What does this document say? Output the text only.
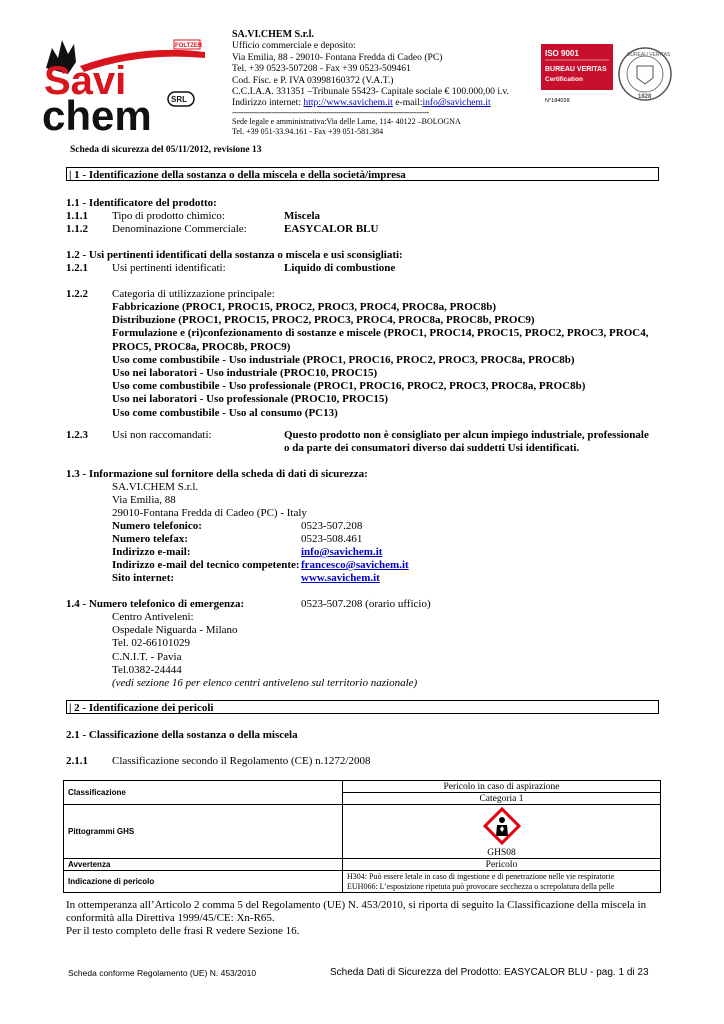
Savi
chem SRL
FOLTZER
SA.VI.CHEM S.r.l.
Ufficio commerciale e deposito:
Via Emilia, 88 - 29010- Fontana Fredda di Cadeo (PC)
Tel. +39 0523-507208 - Fax +39 0523-509461
Cod. Fisc. e P. IVA 03998160372 (V.A.T.)
C.C.I.A.A. 331351 –Tribunale 55423- Capitale sociale € 100.000,00 i.v.
Indirizzo internet: http://www.savichem.it e-mail:info@savichem.it
-------------------------------------------------------------------------------------------
Sede legale e amministrativa:Via delle Lame, 114- 40122 –BOLOGNA
Tel. +39 051-33.94.161 - Fax +39 051-581.384
ISO 9001
BUREAU VERITAS
Certification
N°184028
BUREAU VERITAS
1828
Scheda di sicurezza del 05/11/2012, revisione 13
| 1 - Identificazione della sostanza o della miscela e della società/impresa
1.1 - Identificatore del prodotto:
1.1.1 Tipo di prodotto chimico:	Miscela
1.1.2 Denominazione Commerciale:	EASYCALOR BLU
1.2 - Usi pertinenti identificati della sostanza o miscela e usi sconsigliati:
1.2.1 Usi pertinenti identificati:	Liquido di combustione
1.2.2 Categoria di utilizzazione principale:
Fabbricazione (PROC1, PROC15, PROC2, PROC3, PROC4, PROC8a, PROC8b)
Distribuzione (PROC1, PROC15, PROC2, PROC3, PROC4, PROC8a, PROC8b, PROC9)
Formulazione e (ri)confezionamento di sostanze e miscele (PROC1, PROC14, PROC15, PROC2, PROC3, PROC4,
PROC5, PROC8a, PROC8b, PROC9)
Uso come combustibile - Uso industriale (PROC1, PROC16, PROC2, PROC3, PROC8a, PROC8b)
Uso nei laboratori - Uso industriale (PROC10, PROC15)
Uso come combustibile - Uso professionale (PROC1, PROC16, PROC2, PROC3, PROC8a, PROC8b)
Uso nei laboratori - Uso professionale (PROC10, PROC15)
Uso come combustibile - Uso al consumo (PC13)
1.2.3 Usi non raccomandati:	Questo prodotto non è consigliato per alcun impiego industriale, professionale
o da parte dei consumatori diverso dai suddetti Usi identificati.
1.3 - Informazione sul fornitore della scheda di dati di sicurezza:
SA.VI.CHEM S.r.l.
Via Emilia, 88
29010-Fontana Fredda di Cadeo (PC) - Italy
Numero telefonico:	0523-507.208
Numero telefax:	0523-508.461
Indirizzo e-mail:	info@savichem.it
Indirizzo e-mail del tecnico competente: francesco@savichem.it
Sito internet:	www.savichem.it
1.4 - Numero telefonico di emergenza:	0523-507.208 (orario ufficio)
Centro Antiveleni:
Ospedale Niguarda - Milano
Tel. 02-66101029
C.N.I.T. - Pavia
Tel.0382-24444
(vedi sezione 16 per elenco centri antiveleno sul territorio nazionale)
| 2 - Identificazione dei pericoli
2.1 - Classificazione della sostanza o della miscela
2.1.1 Classificazione secondo il Regolamento (CE) n.1272/2008
Classificazione	Pericolo in caso di aspirazione
	Categoria 1
Pittogrammi GHS	GHS08

Avvertenza	Pericolo
Indicazione di pericolo	H304: Può essere letale in caso di ingestione e di penetrazione nelle vie respiratorie
EUH066: L’esposizione ripetuta può provocare secchezza o screpolatura della pelle
In ottemperanza all’Articolo 2 comma 5 del Regolamento (UE) N. 453/2010, si riporta di seguito la Classificazione della miscela in
conformità alla Direttiva 1999/45/CE: Xn-R65.
Per il testo completo delle frasi R vedere Sezione 16.
Scheda conforme Regolamento (UE) N. 453/2010	Scheda Dati di Sicurezza del Prodotto: EASYCALOR BLU - pag. 1 di 23
